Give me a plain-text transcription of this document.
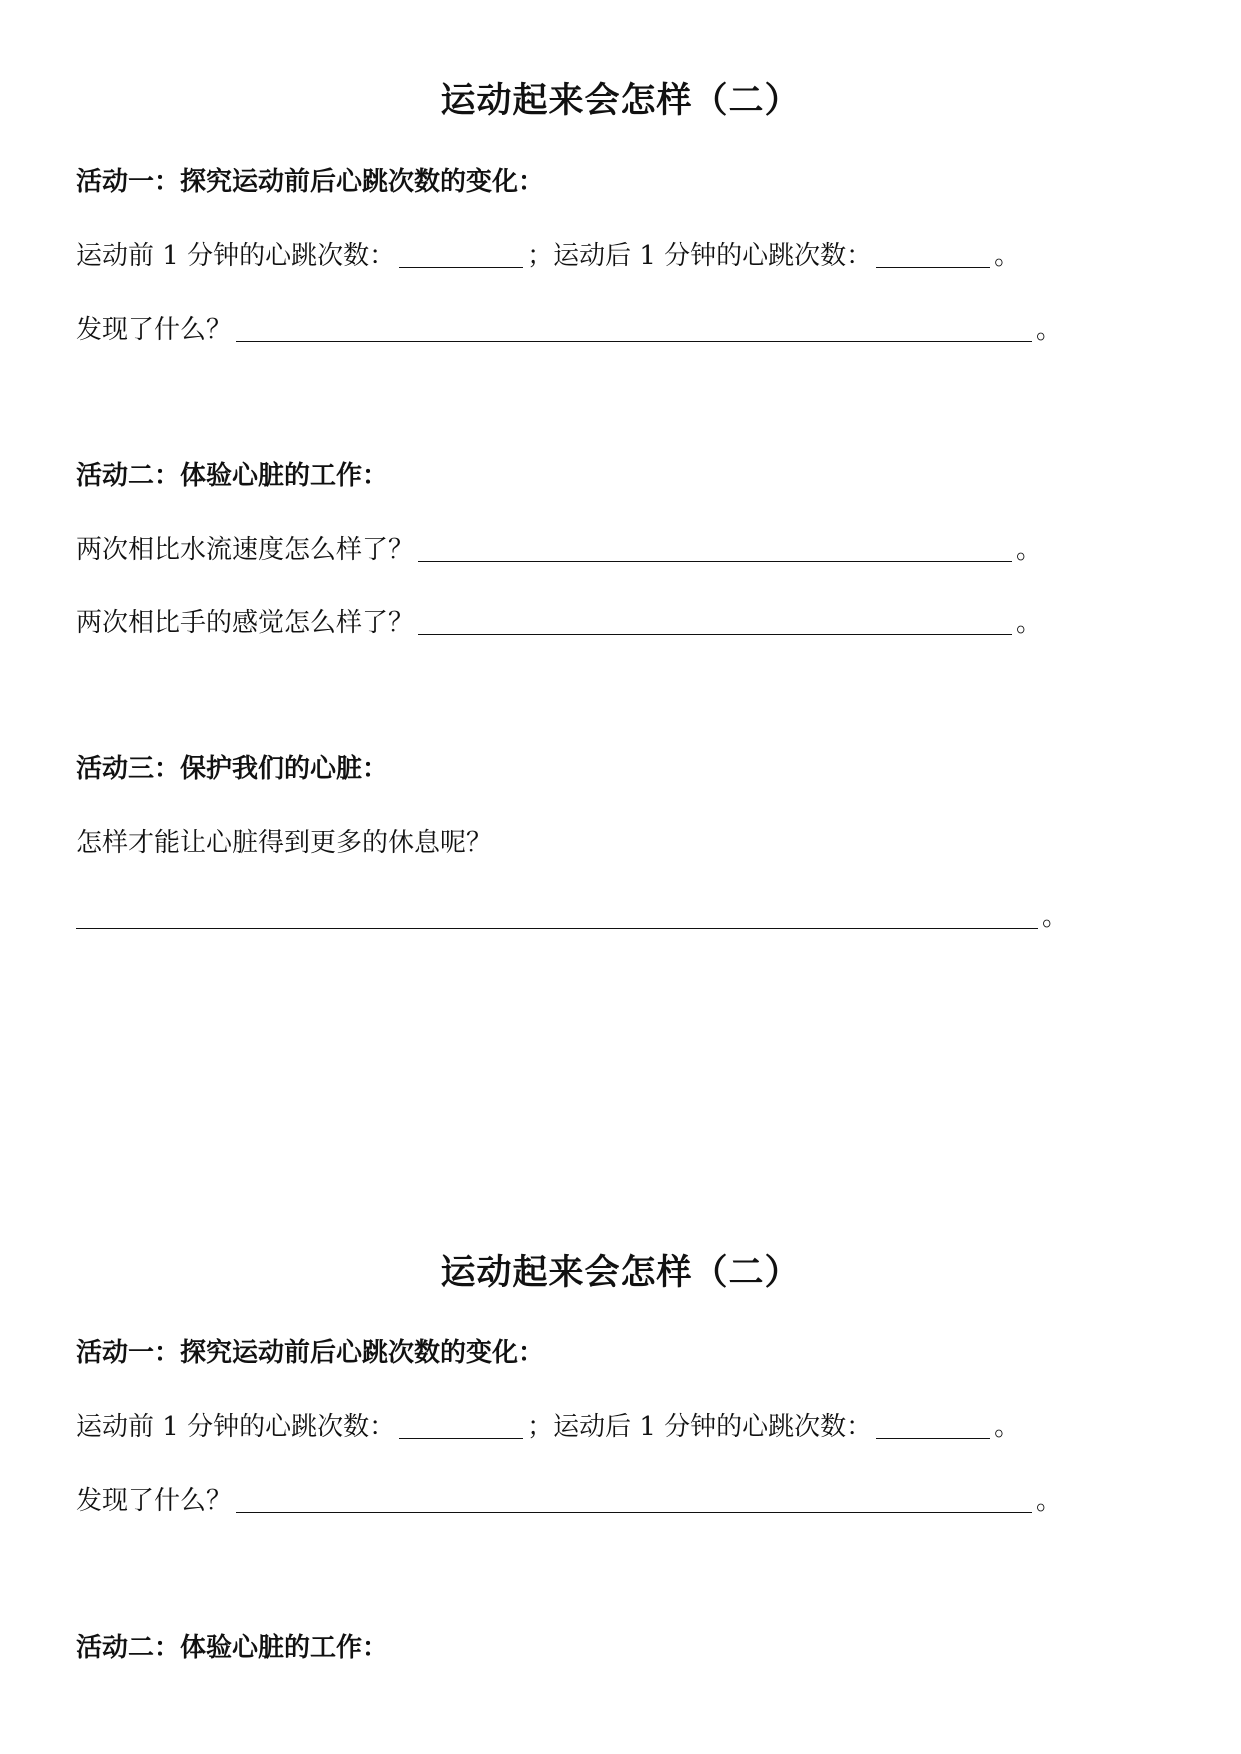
运动起来会怎样（二）
活动一：探究运动前后心跳次数的变化：
运动前 1 分钟的心跳次数：	；运动后 1 分钟的心跳次数：	。
发现了什么？	。
活动二：体验心脏的工作：
两次相比水流速度怎么样了？	。
两次相比手的感觉怎么样了？	。
活动三：保护我们的心脏：
怎样才能让心脏得到更多的休息呢？
。
运动起来会怎样（二）
活动一：探究运动前后心跳次数的变化：
运动前 1 分钟的心跳次数：	；运动后 1 分钟的心跳次数：	。
发现了什么？	。
活动二：体验心脏的工作：
